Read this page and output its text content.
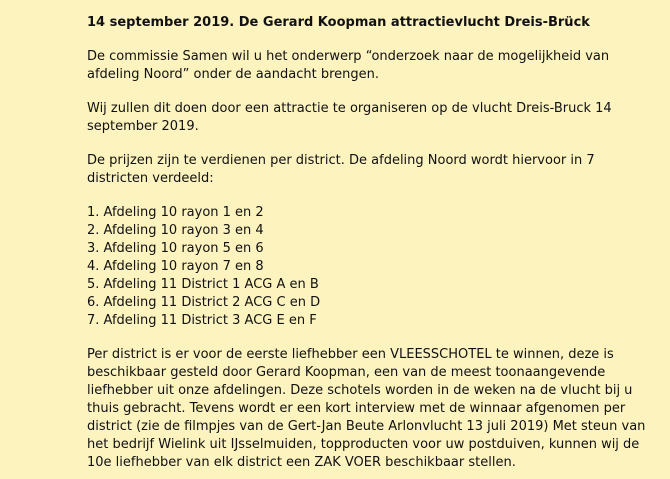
14 september 2019. De Gerard Koopman attractievlucht Dreis-Brück

De commissie Samen wil u het onderwerp “onderzoek naar de mogelijkheid van afdeling Noord” onder de aandacht brengen.

Wij zullen dit doen door een attractie te organiseren op de vlucht Dreis-Bruck 14 september 2019.

De prijzen zijn te verdienen per district. De afdeling Noord wordt hiervoor in 7 districten verdeeld:

1. Afdeling 10 rayon 1 en 2
2. Afdeling 10 rayon 3 en 4
3. Afdeling 10 rayon 5 en 6
4. Afdeling 10 rayon 7 en 8
5. Afdeling 11 District 1 ACG A en B
6. Afdeling 11 District 2 ACG C en D
7. Afdeling 11 District 3 ACG E en F

Per district is er voor de eerste liefhebber een VLEESSCHOTEL te winnen, deze is beschikbaar gesteld door Gerard Koopman, een van de meest toonaangevende liefhebber uit onze afdelingen. Deze schotels worden in de weken na de vlucht bij u thuis gebracht. Tevens wordt er een kort interview met de winnaar afgenomen per district (zie de filmpjes van de Gert-Jan Beute Arlonvlucht 13 juli 2019) Met steun van het bedrijf Wielink uit IJsselmuiden, topproducten voor uw postduiven, kunnen wij de 10e liefhebber van elk district een ZAK VOER beschikbaar stellen.
